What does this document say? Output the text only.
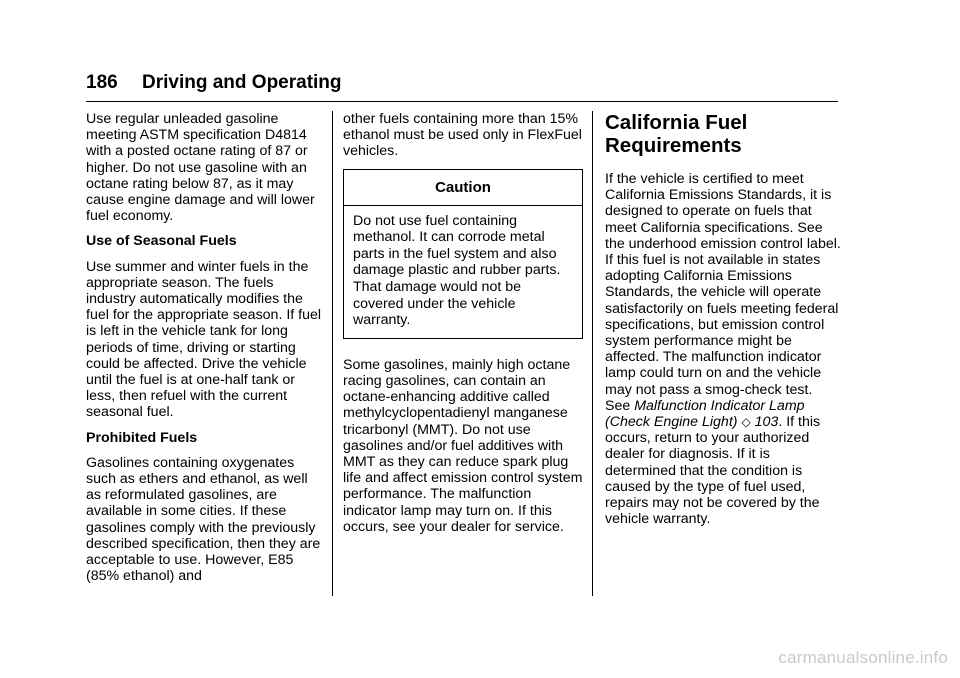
186 Driving and Operating

Use regular unleaded gasoline meeting ASTM specification D4814 with a posted octane rating of 87 or higher. Do not use gasoline with an octane rating below 87, as it may cause engine damage and will lower fuel economy.

Use of Seasonal Fuels

Use summer and winter fuels in the appropriate season. The fuels industry automatically modifies the fuel for the appropriate season. If fuel is left in the vehicle tank for long periods of time, driving or starting could be affected. Drive the vehicle until the fuel is at one-half tank or less, then refuel with the current seasonal fuel.

Prohibited Fuels

Gasolines containing oxygenates such as ethers and ethanol, as well as reformulated gasolines, are available in some cities. If these gasolines comply with the previously described specification, then they are acceptable to use. However, E85 (85% ethanol) and

other fuels containing more than 15% ethanol must be used only in FlexFuel vehicles.

Caution
Do not use fuel containing methanol. It can corrode metal parts in the fuel system and also damage plastic and rubber parts. That damage would not be covered under the vehicle warranty.

Some gasolines, mainly high octane racing gasolines, can contain an octane-enhancing additive called methylcyclopentadienyl manganese tricarbonyl (MMT). Do not use gasolines and/or fuel additives with MMT as they can reduce spark plug life and affect emission control system performance. The malfunction indicator lamp may turn on. If this occurs, see your dealer for service.

California Fuel Requirements

If the vehicle is certified to meet California Emissions Standards, it is designed to operate on fuels that meet California specifications. See the underhood emission control label. If this fuel is not available in states adopting California Emissions Standards, the vehicle will operate satisfactorily on fuels meeting federal specifications, but emission control system performance might be affected. The malfunction indicator lamp could turn on and the vehicle may not pass a smog-check test. See Malfunction Indicator Lamp (Check Engine Light) ◇ 103. If this occurs, return to your authorized dealer for diagnosis. If it is determined that the condition is caused by the type of fuel used, repairs may not be covered by the vehicle warranty.

carmanualsonline.info
